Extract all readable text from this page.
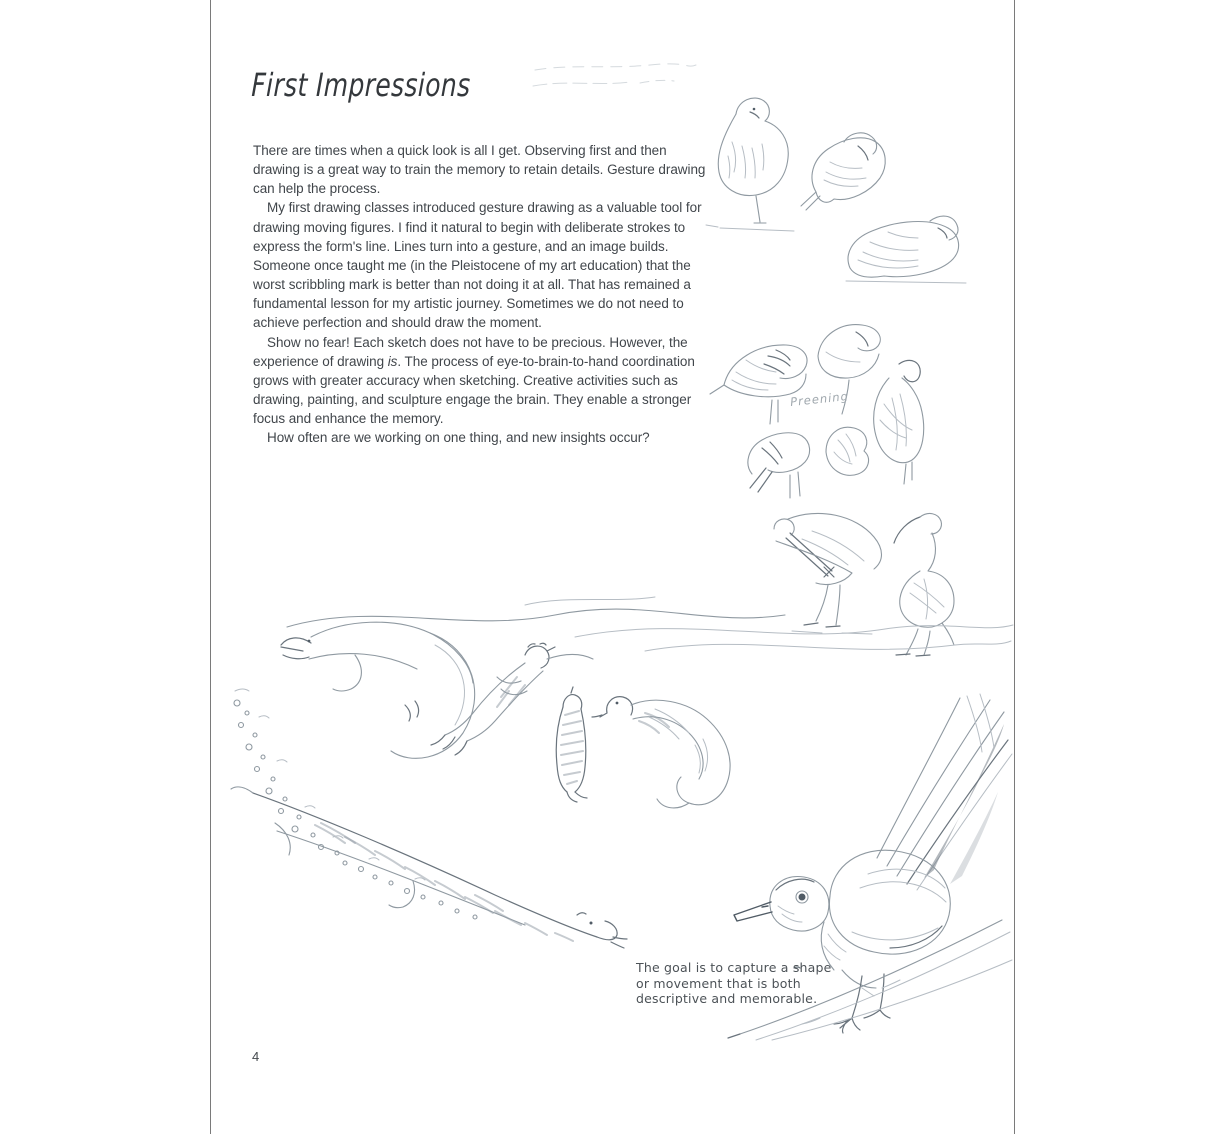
First Impressions

There are times when a quick look is all I get. Observing first and then drawing is a great way to train the memory to retain details. Gesture drawing can help the process.

My first drawing classes introduced gesture drawing as a valuable tool for drawing moving figures. I find it natural to begin with deliberate strokes to express the form's line. Lines turn into a gesture, and an image builds. Someone once taught me (in the Pleistocene of my art education) that the worst scribbling mark is better than not doing it at all. That has remained a fundamental lesson for my artistic journey. Sometimes we do not need to achieve perfection and should draw the moment.

Show no fear! Each sketch does not have to be precious. However, the experience of drawing is. The process of eye-to-brain-to-hand coordination grows with greater accuracy when sketching. Creative activities such as drawing, painting, and sculpture engage the brain. They enable a stronger focus and enhance the memory.

How often are we working on one thing, and new insights occur?

Preening
The goal is to capture a shape
or movement that is both
descriptive and memorable.
4
